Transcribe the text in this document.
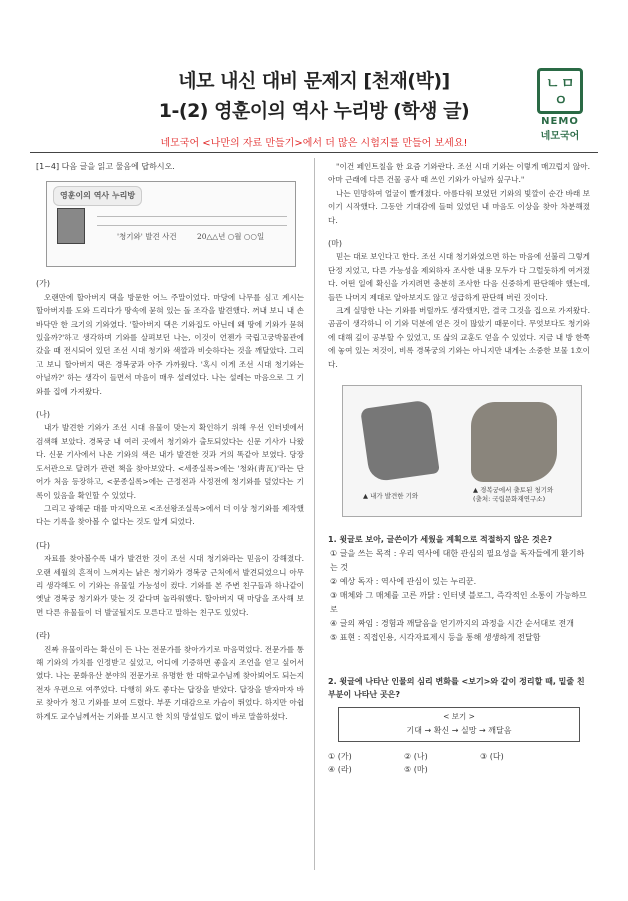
네모 내신 대비 문제지 [천재(박)]
1-(2) 영훈이의 역사 누리방 (학생 글)
네모국어 <나만의 자료 만들기>에서 더 많은 시험지를 만들어 보세요!
ㄴ ㅁ
ㅇ
NEMO
네모국어
[1~4] 다음 글을 읽고 물음에 답하시오.
영훈이의 역사 누리방
'청기와' 발견 사건	20△△년 ○월 ○○일
(가)

오랜만에 할아버지 댁을 방문한 어느 주말이었다. 마당에 나무를 심고 계시는 할아버지를 도와 드리다가 땅속에 묻혀 있는 돌 조각을 발견했다. 꺼내 보니 내 손바닥만 한 크기의 기와였다. '할아버지 댁은 기와집도 아닌데 왜 땅에 기와가 묻혀 있을까?'하고 생각하며 기와를 살펴보던 나는, 이것이 언젠가 국립고궁박물관에 갔을 때 전시되어 있던 조선 시대 청기와 색깔과 비슷하다는 것을 깨달았다. 그리고 보니 할아버지 댁은 경복궁과 아주 가까웠다. '혹시 이게 조선 시대 청기와는 아닐까?' 하는 생각이 들면서 마음이 매우 설레었다. 나는 설레는 마음으로 그 기와를 집에 가져왔다.

(나)

내가 발견한 기와가 조선 시대 유물이 맞는지 확인하기 위해 우선 인터넷에서 검색해 보았다. 경복궁 내 여러 곳에서 청기와가 출토되었다는 신문 기사가 나왔다. 신문 기사에서 나온 기와의 색은 내가 발견한 것과 거의 똑같아 보였다. 당장 도서관으로 달려가 관련 책을 찾아보았다. <세종실록>에는 '청와(靑瓦)'라는 단어가 처음 등장하고, <문종실록>에는 근정전과 사정전에 청기와를 덮었다는 기록이 있음을 확인할 수 있었다.

그리고 광해군 대를 마지막으로 <조선왕조실록>에서 더 이상 청기와를 제작했다는 기록을 찾아볼 수 없다는 것도 알게 되었다.

(다)

자료를 찾아볼수록 내가 발견한 것이 조선 시대 청기와라는 믿음이 강해졌다. 오랜 세월의 흔적이 느껴지는 낡은 청기와가 경복궁 근처에서 발견되었으니 아무리 생각해도 이 기와는 유물일 가능성이 컸다. 기와를 본 주변 친구들과 하나같이 옛날 경복궁 청기와가 맞는 것 같다며 놀라워했다. 할아버지 댁 마당을 조사해 보면 다른 유물들이 더 발굴될지도 모른다고 말하는 친구도 있었다.

(라)

진짜 유물이라는 확신이 든 나는 전문가를 찾아가기로 마음먹었다. 전문가를 통해 기와의 가치를 인정받고 싶었고, 어디에 기증하면 좋을지 조언을 얻고 싶어서였다. 나는 문화유산 분야의 전문가로 유명한 한 대학교수님께 찾아뵈어도 되는지 전자 우편으로 여쭈었다. 다행히 와도 좋다는 답장을 받았다. 답장을 받자마자 바로 찾아가 청고 기와를 보여 드렸다. 부푼 기대감으로 가슴이 뛰었다. 하지만 아쉽하게도 교수님께서는 기와를 보시고 한 치의 망설임도 없이 바로 말씀하셨다.

"이건 페인트칠을 한 요즘 기와란다. 조선 시대 기와는 이렇게 매끄럽지 않아. 아마 근래에 다른 건물 공사 때 쓰인 기와가 아닐까 싶구나."

나는 민망하여 얼굴이 빨개졌다. 아름다워 보였던 기와의 빛깔이 순간 바래 보이기 시작했다. 그동안 기대감에 들떠 있었던 내 마음도 이상을 찾아 차분해졌다.

(마)

믿는 대로 보인다고 한다. 조선 시대 청기와였으면 하는 마음에 선불리 그렇게 단정 지었고, 다른 가능성을 제외하자 조사한 내용 모두가 다 그럴듯하게 여겨졌다. 어떤 일에 확신을 가지려면 충분히 조사한 다음 신중하게 판단해야 했는데, 들뜬 나머지 제대로 알아보지도 않고 성급하게 판단해 버린 것이다.

크게 실망한 나는 기와를 버릴까도 생각했지만, 결국 그것을 집으로 가져왔다. 곰곰이 생각하니 이 기와 덕분에 얻은 것이 많았기 때문이다. 무엇보다도 청기와에 대해 깊이 공부할 수 있었고, 또 삶의 교훈도 얻을 수 있었다. 지금 내 방 한쪽에 놓여 있는 저것이, 비록 경복궁의 기와는 아니지만 내게는 소중한 보물 1호이다.

▲ 내가 발견한 기와
▲ 경복궁에서 출토된 청기와
(출처: 국립문화재연구소)
1. 윗글로 보아, 글쓴이가 세웠을 계획으로 적절하지 않은 것은?
① 글을 쓰는 목적 : 우리 역사에 대한 관심의 필요성을 독자들에게 환기하는 것
② 예상 독자 : 역사에 관심이 있는 누리꾼.
③ 매체와 그 매체를 고른 까닭 : 인터넷 블로그, 즉각적인 소통이 가능하므로
④ 글의 짜임 : 경험과 깨달음을 얻기까지의 과정을 시간 순서대로 전개
⑤ 표현 : 직접인용, 시각자료제시 등을 통해 생생하게 전달함
2. 윗글에 나타난 인물의 심리 변화를 <보기>와 같이 정리할 때, 밑줄 친 부분이 나타난 곳은?
< 보기 >
기대 → 확신 → 실망 → 깨달음
① (가)	② (나)	③ (다)
④ (라)	⑤ (마)
